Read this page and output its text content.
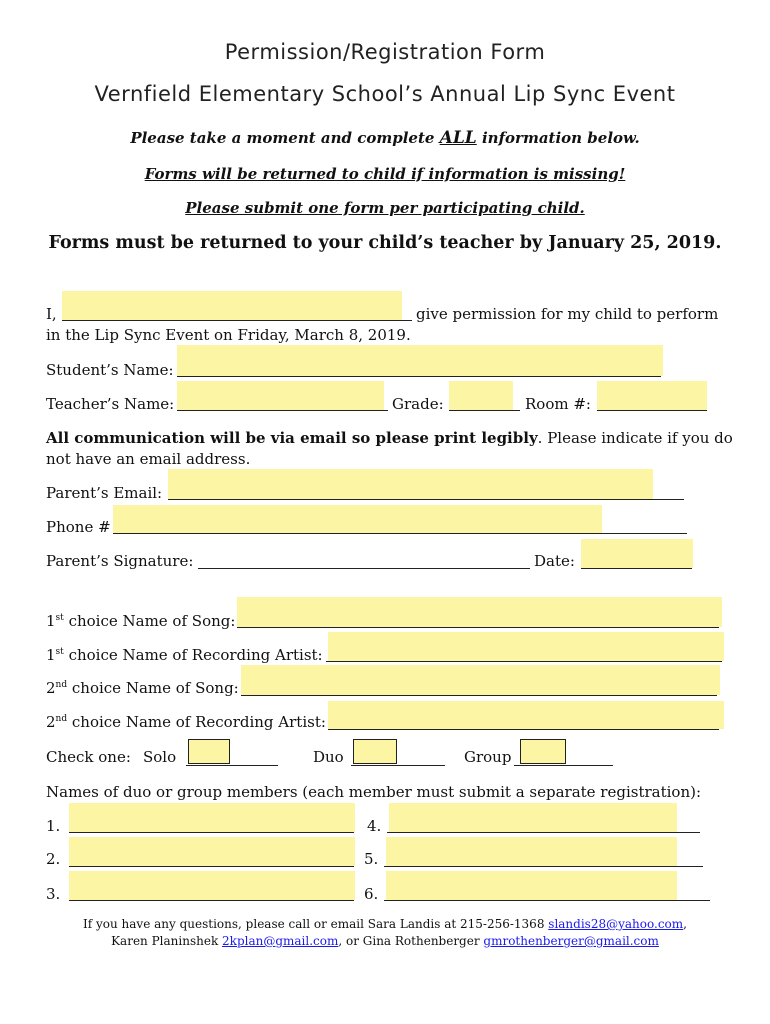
Permission/Registration Form
Vernfield Elementary School’s Annual Lip Sync Event
Please take a moment and complete ALL information below.
Forms will be returned to child if information is missing!
Please submit one form per participating child.
Forms must be returned to your child’s teacher by January 25, 2019.
I,	give permission for my child to perform
in the Lip Sync Event on Friday, March 8, 2019.
Student’s Name:
Teacher’s Name:	Grade:	Room #:
All communication will be via email so please print legibly. Please indicate if you do
not have an email address.
Parent’s Email:
Phone #
Parent’s Signature:	Date:
1st choice Name of Song:
1st choice Name of Recording Artist:
2nd choice Name of Song:
2nd choice Name of Recording Artist:
Check one: Solo	Duo	Group
Names of duo or group members (each member must submit a separate registration):
1.	4.
2.	5.
3.	6.
If you have any questions, please call or email Sara Landis at 215-256-1368 slandis28@yahoo.com,
Karen Planinshek 2kplan@gmail.com, or Gina Rothenberger gmrothenberger@gmail.com
